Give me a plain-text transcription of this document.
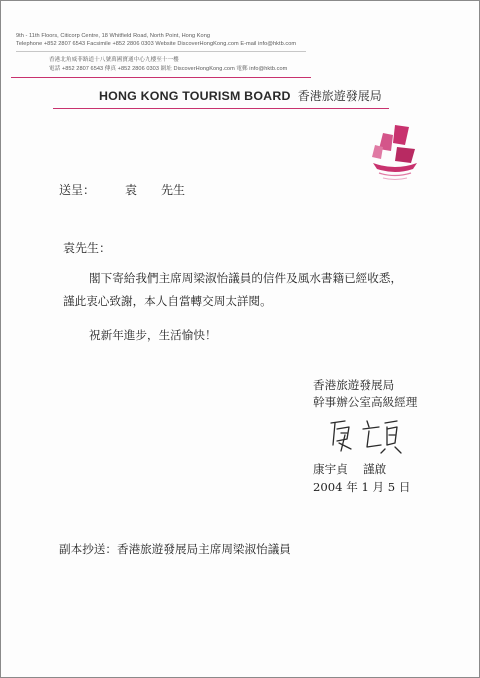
9th - 11th Floors, Citicorp Centre, 18 Whitfield Road, North Point, Hong Kong
Telephone +852 2807 6543 Facsimile +852 2806 0303 Website DiscoverHongKong.com E-mail info@hktb.com
香港北角威菲路道十八號萬國寶通中心九樓至十一樓
電話 +852 2807 6543 傳真 +852 2806 0303 網址 DiscoverHongKong.com 電郵 info@hktb.com
HONG KONG TOURISM BOARD 香港旅遊發展局
送呈： 袁　　先生
袁先生：
閣下寄給我們主席周梁淑怡議員的信件及風水書籍已經收悉，
謹此衷心致謝，本人自當轉交周太詳閱。
祝新年進步，生活愉快！
香港旅遊發展局
幹事辦公室高級經理
康宇貞 謹啟
2004 年 1 月 5 日
副本抄送：香港旅遊發展局主席周梁淑怡議員
